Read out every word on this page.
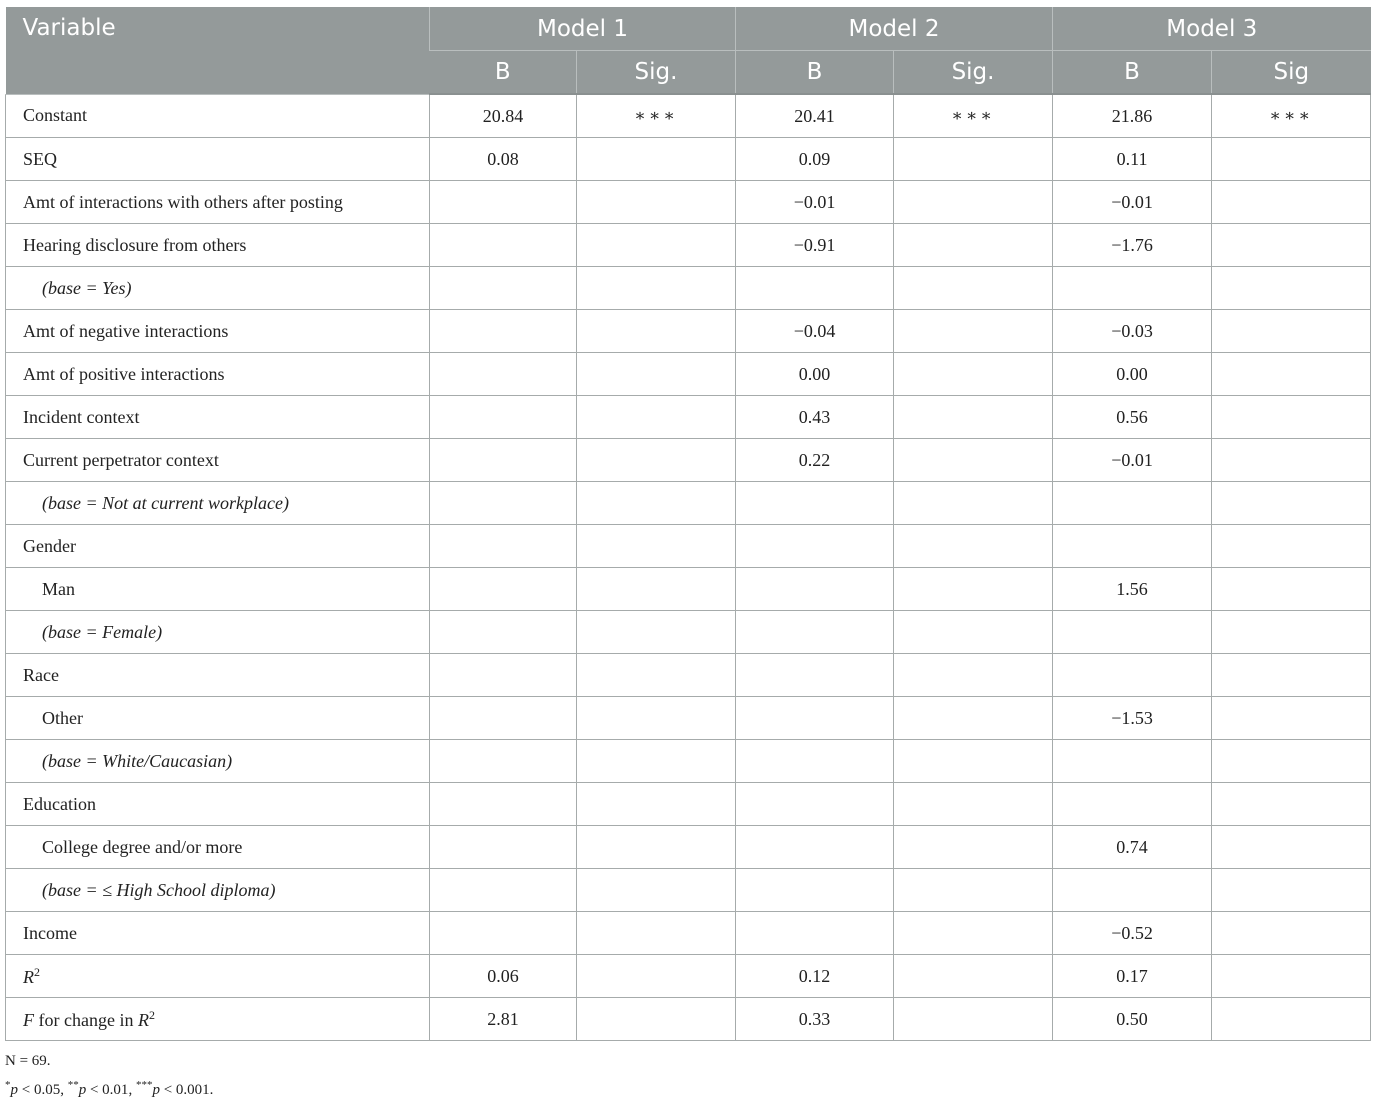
Variable	Model 1		Model 2		Model 3	
	B	Sig.	B	Sig.	B	Sig
Constant	20.84	∗∗∗	20.41	∗∗∗	21.86	∗∗∗
SEQ	0.08		0.09		0.11	
Amt of interactions with others after posting			−0.01		−0.01	
Hearing disclosure from others			−0.91		−1.76	
(base = Yes)						
Amt of negative interactions			−0.04		−0.03	
Amt of positive interactions			0.00		0.00	
Incident context			0.43		0.56	
Current perpetrator context			0.22		−0.01	
(base = Not at current workplace)						
Gender						
Man					1.56	
(base = Female)						
Race						
Other					−1.53	
(base = White/Caucasian)						
Education						
College degree and/or more					0.74	
(base = ≤ High School diploma)						
Income					−0.52	
$R^2$	0.06		0.12		0.17	
F for change in $R^2$	2.81		0.33		0.50	
N = 69.
*p < 0.05, **p < 0.01, ***p < 0.001.
